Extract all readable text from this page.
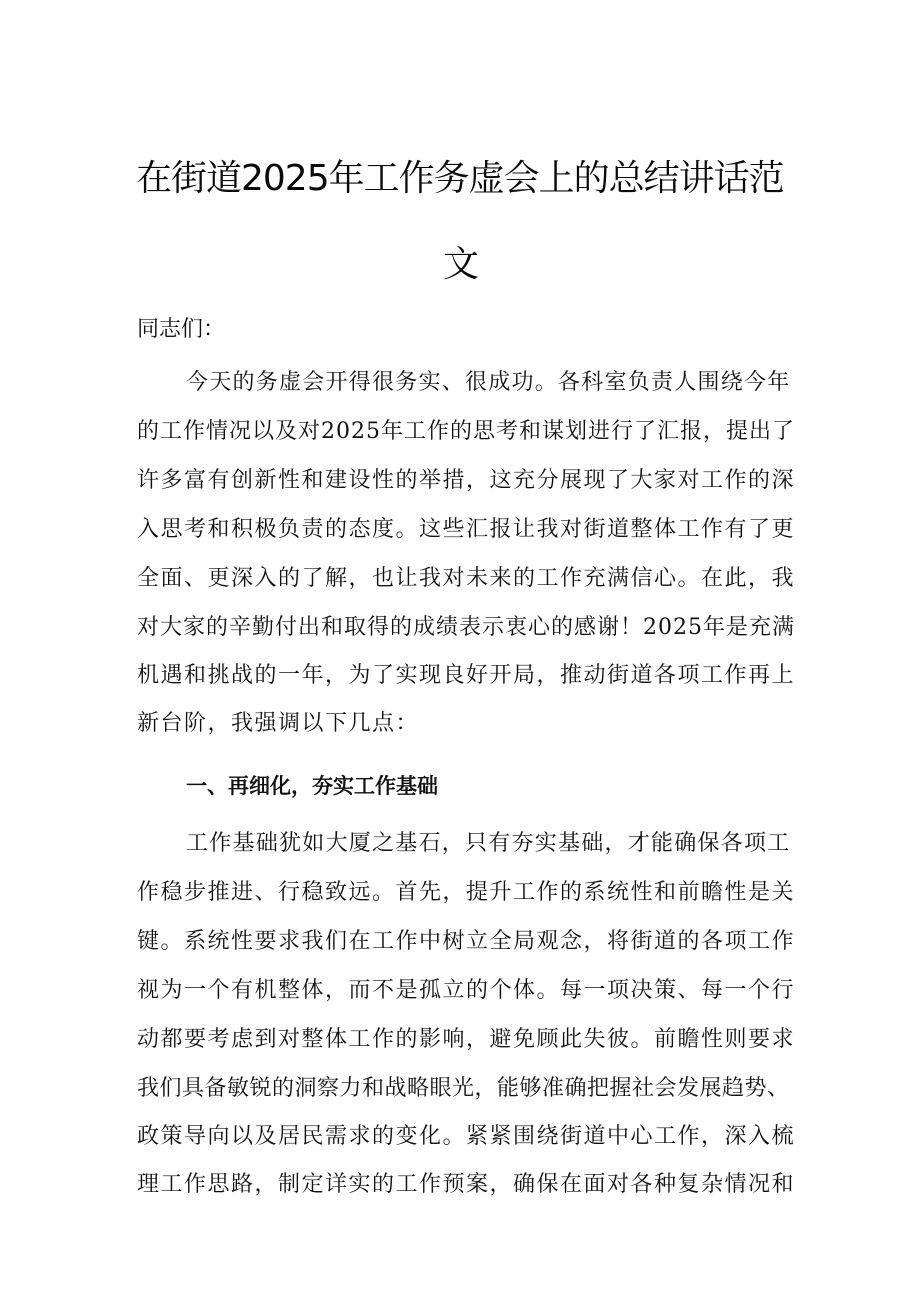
在街道2025年工作务虚会上的总结讲话范
文
同志们：
今天的务虚会开得很务实、很成功。各科室负责人围绕今年
的工作情况以及对2025年工作的思考和谋划进行了汇报，提出了
许多富有创新性和建设性的举措，这充分展现了大家对工作的深
入思考和积极负责的态度。这些汇报让我对街道整体工作有了更
全面、更深入的了解，也让我对未来的工作充满信心。在此，我
对大家的辛勤付出和取得的成绩表示衷心的感谢！2025年是充满
机遇和挑战的一年，为了实现良好开局，推动街道各项工作再上
新台阶，我强调以下几点：
一、再细化，夯实工作基础
工作基础犹如大厦之基石，只有夯实基础，才能确保各项工
作稳步推进、行稳致远。首先，提升工作的系统性和前瞻性是关
键。系统性要求我们在工作中树立全局观念，将街道的各项工作
视为一个有机整体，而不是孤立的个体。每一项决策、每一个行
动都要考虑到对整体工作的影响，避免顾此失彼。前瞻性则要求
我们具备敏锐的洞察力和战略眼光，能够准确把握社会发展趋势、
政策导向以及居民需求的变化。紧紧围绕街道中心工作，深入梳
理工作思路，制定详实的工作预案，确保在面对各种复杂情况和
